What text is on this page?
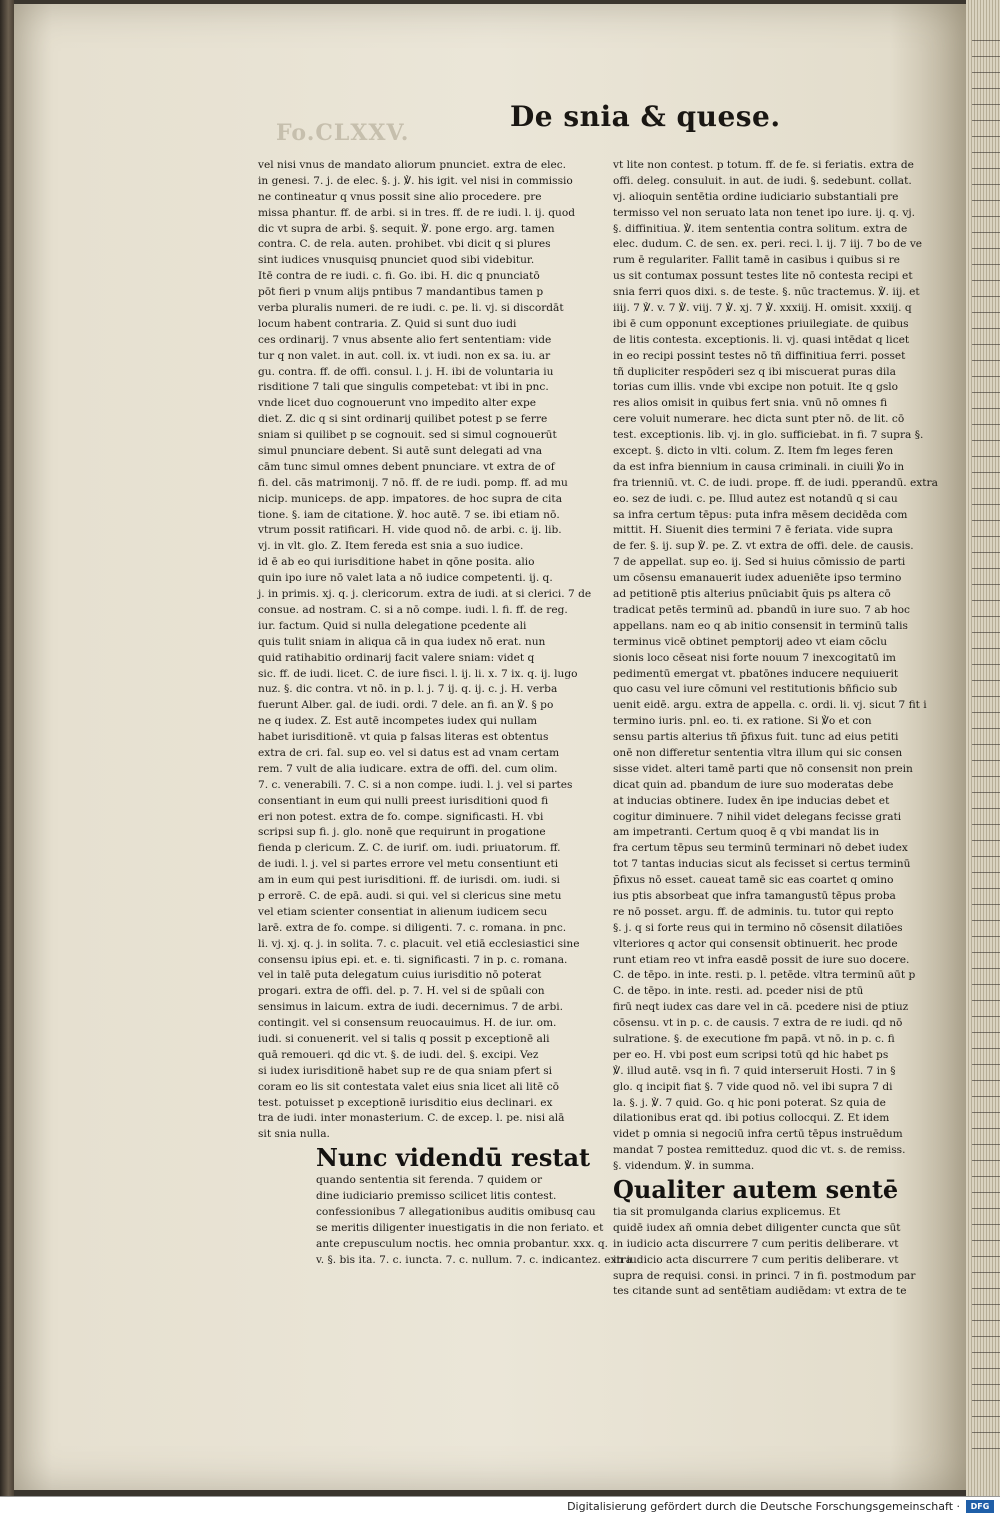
Fo.CLXXV.	De snia & quese.
vel nisi vnus de mandato aliorum pnunciet. extra de elec.
in genesi. 7. j. de elec. §. j. ℣. his igit. vel nisi in commissio
ne contineatur q vnus possit sine alio procedere. pre
missa phantur. ff. de arbi. si in tres. ff. de re iudi. l. ij. quod
dic vt supra de arbi. §. sequit. ℣. pone ergo. arg. tamen
contra. C. de rela. auten. prohibet. vbi dicit q si plures
sint iudices vnusquisq pnunciet quod sibi videbitur.
Itē contra de re iudi. c. fi. Go. ibi. H. dic q pnunciatō
pōt fieri p vnum alijs pntibus 7 mandantibus tamen p
verba pluralis numeri. de re iudi. c. pe. li. vj. si discordāt
locum habent contraria. Z. Quid si sunt duo iudi
ces ordinarij. 7 vnus absente alio fert sententiam: vide
tur q non valet. in aut. coll. ix. vt iudi. non ex sa. iu. ar
gu. contra. ff. de offi. consul. l. j. H. ibi de voluntaria iu
risditione 7 tali que singulis competebat: vt ibi in pnc.
vnde licet duo cognouerunt vno impedito alter expe
diet. Z. dic q si sint ordinarij quilibet potest p se ferre
sniam si quilibet p se cognouit. sed si simul cognouerūt
simul pnunciare debent. Si autē sunt delegati ad vna
cām tunc simul omnes debent pnunciare. vt extra de of
fi. del. cās matrimonij. 7 nō. ff. de re iudi. pomp. ff. ad mu
nicip. municeps. de app. impatores. de hoc supra de cita
tione. §. iam de citatione. ℣. hoc autē. 7 se. ibi etiam nō.
vtrum possit ratificari. H. vide quod nō. de arbi. c. ij. lib.
vj. in vlt. glo. Z. Item fereda est snia a suo iudice.
id ē ab eo qui iurisditione habet in qōne posita. alio
quin ipo iure nō valet lata a nō iudice competenti. ij. q.
j. in primis. xj. q. j. clericorum. extra de iudi. at si clerici. 7 de
consue. ad nostram. C. si a nō compe. iudi. l. fi. ff. de reg.
iur. factum. Quid si nulla delegatione pcedente ali
quis tulit sniam in aliqua cā in qua iudex nō erat. nun
quid ratihabitio ordinarij facit valere sniam: videt q
sic. ff. de iudi. licet. C. de iure fisci. l. ij. li. x. 7 ix. q. ij. lugo
nuz. §. dic contra. vt nō. in p. l. j. 7 ij. q. ij. c. j. H. verba
fuerunt Alber. gal. de iudi. ordi. 7 dele. an fi. an ℣. § po
ne q iudex. Z. Est autē incompetes iudex qui nullam
habet iurisditionē. vt quia p falsas literas est obtentus
extra de cri. fal. sup eo. vel si datus est ad vnam certam
rem. 7 vult de alia iudicare. extra de offi. del. cum olim.
7. c. venerabili. 7. C. si a non compe. iudi. l. j. vel si partes
consentiant in eum qui nulli preest iurisditioni quod fi
eri non potest. extra de fo. compe. significasti. H. vbi
scripsi sup fi. j. glo. nonē que requirunt in progatione
fienda p clericum. Z. C. de iurif. om. iudi. priuatorum. ff.
de iudi. l. j. vel si partes errore vel metu consentiunt eti
am in eum qui pest iurisditioni. ff. de iurisdi. om. iudi. si
p errorē. C. de epā. audi. si qui. vel si clericus sine metu
vel etiam scienter consentiat in alienum iudicem secu
larē. extra de fo. compe. si diligenti. 7. c. romana. in pnc.
li. vj. xj. q. j. in solita. 7. c. placuit. vel etiā ecclesiastici sine
consensu ipius epi. et. e. ti. significasti. 7 in p. c. romana.
vel in talē puta delegatum cuius iurisditio nō poterat
progari. extra de offi. del. p. 7. H. vel si de spūali con
sensimus in laicum. extra de iudi. decernimus. 7 de arbi.
contingit. vel si consensum reuocauimus. H. de iur. om.
iudi. si conuenerit. vel si talis q possit p exceptionē ali
quā remoueri. qd dic vt. §. de iudi. del. §. excipi. Vez
si iudex iurisditionē habet sup re de qua sniam pfert si
coram eo lis sit contestata valet eius snia licet ali litē cō
test. potuisset p exceptionē iurisditio eius declinari. ex
tra de iudi. inter monasterium. C. de excep. l. pe. nisi alā
sit snia nulla.
Nunc videndū restat
quando sententia sit ferenda. 7 quidem or
dine iudiciario premisso scilicet litis contest.
confessionibus 7 allegationibus auditis omibusq cau
se meritis diligenter inuestigatis in die non feriato. et
ante crepusculum noctis. hec omnia probantur. xxx. q.
v. §. bis ita. 7. c. iuncta. 7. c. nullum. 7. c. indicantez. extra
vt lite non contest. p totum. ff. de fe. si feriatis. extra de
offi. deleg. consuluit. in aut. de iudi. §. sedebunt. collat.
vj. alioquin sentētia ordine iudiciario substantiali pre
termisso vel non seruato lata non tenet ipo iure. ij. q. vj.
§. diffinitiua. ℣. item sententia contra solitum. extra de
elec. dudum. C. de sen. ex. peri. reci. l. ij. 7 iij. 7 bo de ve
rum ē regulariter. Fallit tamē in casibus i quibus si re
us sit contumax possunt testes lite nō contesta recipi et
snia ferri quos dixi. s. de teste. §. nūc tractemus. ℣. iij. et
iiij. 7 ℣. v. 7 ℣. viij. 7 ℣. xj. 7 ℣. xxxiij. H. omisit. xxxiij. q
ibi ē cum opponunt exceptiones priuilegiate. de quibus
de litis contesta. exceptionis. li. vj. quasi intēdat q licet
in eo recipi possint testes nō tñ diffinitiua ferri. posset
tñ dupliciter respōderi sez q ibi miscuerat puras dila
torias cum illis. vnde vbi excipe non potuit. Ite q gslo
res alios omisit in quibus fert snia. vnū nō omnes fi
cere voluit numerare. hec dicta sunt pter nō. de lit. cō
test. exceptionis. lib. vj. in glo. sufficiebat. in fi. 7 supra §.
except. §. dicto in vlti. colum. Z. Item fm leges feren
da est infra biennium in causa criminali. in ciuili ℣o in
fra trienniū. vt. C. de iudi. prope. ff. de iudi. pperandū. extra
eo. sez de iudi. c. pe. Illud autez est notandū q si cau
sa infra certum tēpus: puta infra mēsem decidēda com
mittit. H. Siuenit dies termini 7 ē feriata. vide supra
de fer. §. ij. sup ℣. pe. Z. vt extra de offi. dele. de causis.
7 de appellat. sup eo. ij. Sed si huius cōmissio de parti
um cōsensu emanauerit iudex adueniēte ipso termino
ad petitionē ptis alterius pnūciabit q̄uis ps altera cō
tradicat petēs terminū ad. pbandū in iure suo. 7 ab hoc
appellans. nam eo q ab initio consensit in terminū talis
terminus vicē obtinet pemptorij adeo vt eiam cōclu
sionis loco cēseat nisi forte nouum 7 inexcogitatū im
pedimentū emergat vt. pbatōnes inducere nequiuerit
quo casu vel iure cōmuni vel restitutionis bñficio sub
uenit eidē. argu. extra de appella. c. ordi. li. vj. sicut 7 fit i
termino iuris. pnl. eo. ti. ex ratione. Si ℣o et con
sensu partis alterius tñ p̄fixus fuit. tunc ad eius petiti
onē non differetur sententia vltra illum qui sic consen
sisse videt. alteri tamē parti que nō consensit non prein
dicat quin ad. pbandum de iure suo moderatas debe
at inducias obtinere. Iudex ēn ipe inducias debet et
cogitur diminuere. 7 nihil videt delegans fecisse grati
am impetranti. Certum quoq ē q vbi mandat lis in
fra certum tēpus seu terminū terminari nō debet iudex
tot 7 tantas inducias sicut als fecisset si certus terminū
p̄fixus nō esset. caueat tamē sic eas coartet q omino
ius ptis absorbeat que infra tamangustū tēpus proba
re nō posset. argu. ff. de adminis. tu. tutor qui repto
§. j. q si forte reus qui in termino nō cōsensit dilatiōes
vlteriores q actor qui consensit obtinuerit. hec prode
runt etiam reo vt infra easdē possit de iure suo docere.
C. de tēpo. in inte. resti. p. l. petēde. vltra terminū aūt p
C. de tēpo. in inte. resti. ad. pceder nisi de ptū
firū neqt iudex cas dare vel in cā. pcedere nisi de ptiuz
cōsensu. vt in p. c. de causis. 7 extra de re iudi. qd nō
sulratione. §. de executione fm papā. vt nō. in p. c. fi
per eo. H. vbi post eum scripsi totū qd hic habet ps
℣. illud autē. vsq in fi. 7 quid interseruit Hosti. 7 in §
glo. q incipit fiat §. 7 vide quod nō. vel ibi supra 7 di
la. §. j. ℣. 7 quid. Go. q hic poni poterat. Sz quia de
dilationibus erat qd. ibi potius collocqui. Z. Et idem
videt p omnia si negociū infra certū tēpus instruēdum
mandat 7 postea remitteduz. quod dic vt. s. de remiss.
§. videndum. ℣. in summa.
Qualiter autem sentē
tia sit promulganda clarius explicemus. Et
quidē iudex añ omnia debet diligenter cuncta que sūt
in iudicio acta discurrere 7 cum peritis deliberare. vt
in iudicio acta discurrere 7 cum peritis deliberare. vt
supra de requisi. consi. in princi. 7 in fi. postmodum par
tes citande sunt ad sentētiam audiēdam: vt extra de te
Digitalisierung gefördert durch die Deutsche Forschungsgemeinschaft ·	DFG
